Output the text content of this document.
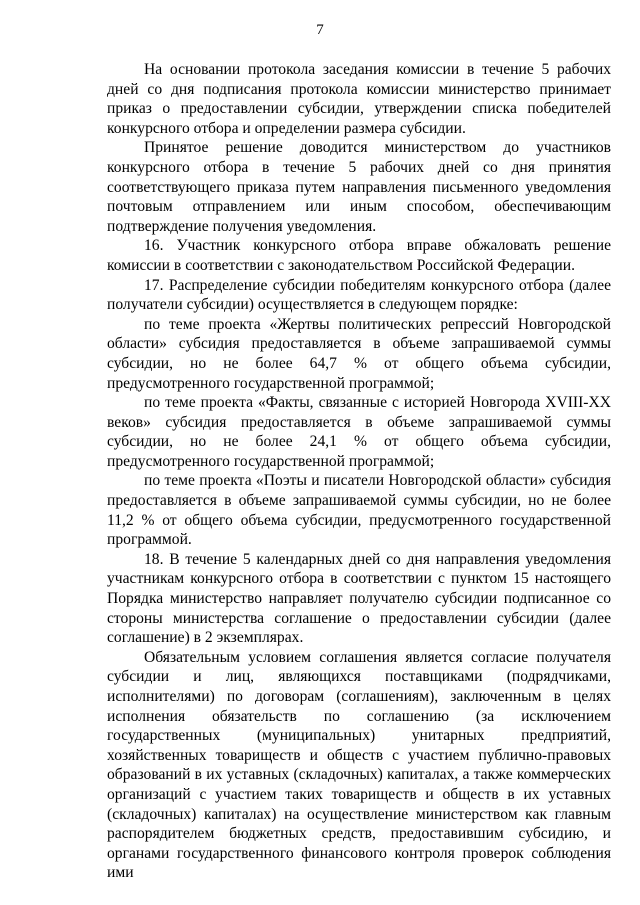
7

На основании протокола заседания комиссии в течение 5 рабочих дней со дня подписания протокола комиссии министерство принимает приказ о предоставлении субсидии, утверждении списка победителей конкурсного отбора и определении размера субсидии.

Принятое решение доводится министерством до участников конкурсного отбора в течение 5 рабочих дней со дня принятия соответствующего приказа путем направления письменного уведомления почтовым отправлением или иным способом, обеспечивающим подтверждение получения уведомления.

16. Участник конкурсного отбора вправе обжаловать решение комиссии в соответствии с законодательством Российской Федерации.

17. Распределение субсидии победителям конкурсного отбора (далее получатели субсидии) осуществляется в следующем порядке:

по теме проекта «Жертвы политических репрессий Новгородской области» субсидия предоставляется в объеме запрашиваемой суммы субсидии, но не более 64,7 % от общего объема субсидии, предусмотренного государственной программой;

по теме проекта «Факты, связанные с историей Новгорода XVIII-XX веков» субсидия предоставляется в объеме запрашиваемой суммы субсидии, но не более 24,1 % от общего объема субсидии, предусмотренного государственной программой;

по теме проекта «Поэты и писатели Новгородской области» субсидия предоставляется в объеме запрашиваемой суммы субсидии, но не более 11,2 % от общего объема субсидии, предусмотренного государственной программой.

18. В течение 5 календарных дней со дня направления уведомления участникам конкурсного отбора в соответствии с пунктом 15 настоящего Порядка министерство направляет получателю субсидии подписанное со стороны министерства соглашение о предоставлении субсидии (далее соглашение) в 2 экземплярах.

Обязательным условием соглашения является согласие получателя субсидии и лиц, являющихся поставщиками (подрядчиками, исполнителями) по договорам (соглашениям), заключенным в целях исполнения обязательств по соглашению (за исключением государственных (муниципальных) унитарных предприятий, хозяйственных товариществ и обществ с участием публично-правовых образований в их уставных (складочных) капиталах, а также коммерческих организаций с участием таких товариществ и обществ в их уставных (складочных) капиталах) на осуществление министерством как главным распорядителем бюджетных средств, предоставившим субсидию, и органами государственного финансового контроля проверок соблюдения ими
